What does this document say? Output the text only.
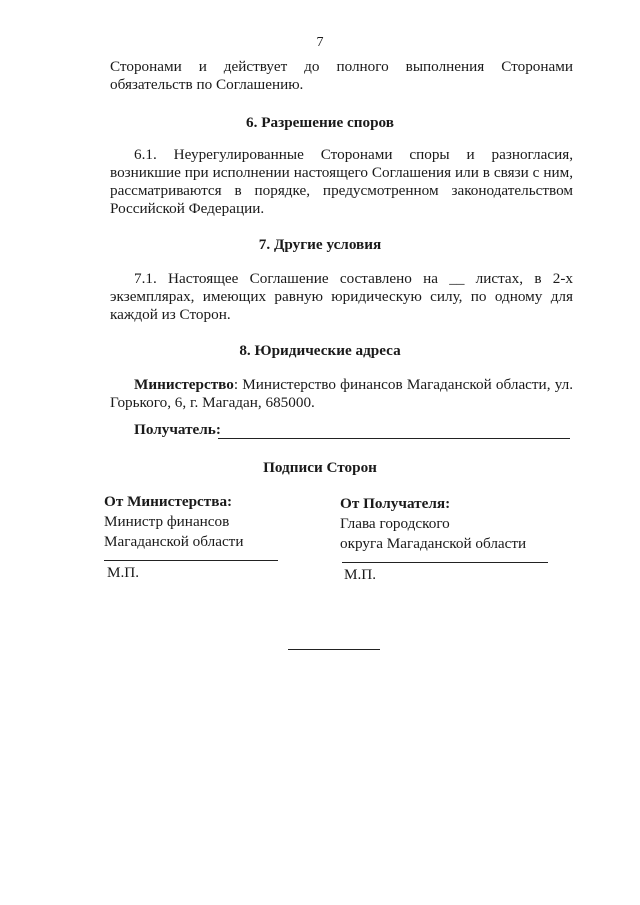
7
Сторонами и действует до полного выполнения Сторонами обязательств по Соглашению.
6. Разрешение споров
6.1. Неурегулированные Сторонами споры и разногласия, возникшие при исполнении настоящего Соглашения или в связи с ним, рассматриваются в порядке, предусмотренном законодательством Российской Федерации.
7. Другие условия
7.1. Настоящее Соглашение составлено на __ листах, в 2-х экземплярах, имеющих равную юридическую силу, по одному для каждой из Сторон.
8. Юридические адреса
Министерство: Министерство финансов Магаданской области, ул. Горького, 6, г. Магадан, 685000.
Получатель:
Подписи Сторон
От Министерства:
Министр финансов
Магаданской области
М.П.
От Получателя:
Глава городского
округа Магаданской области
М.П.
